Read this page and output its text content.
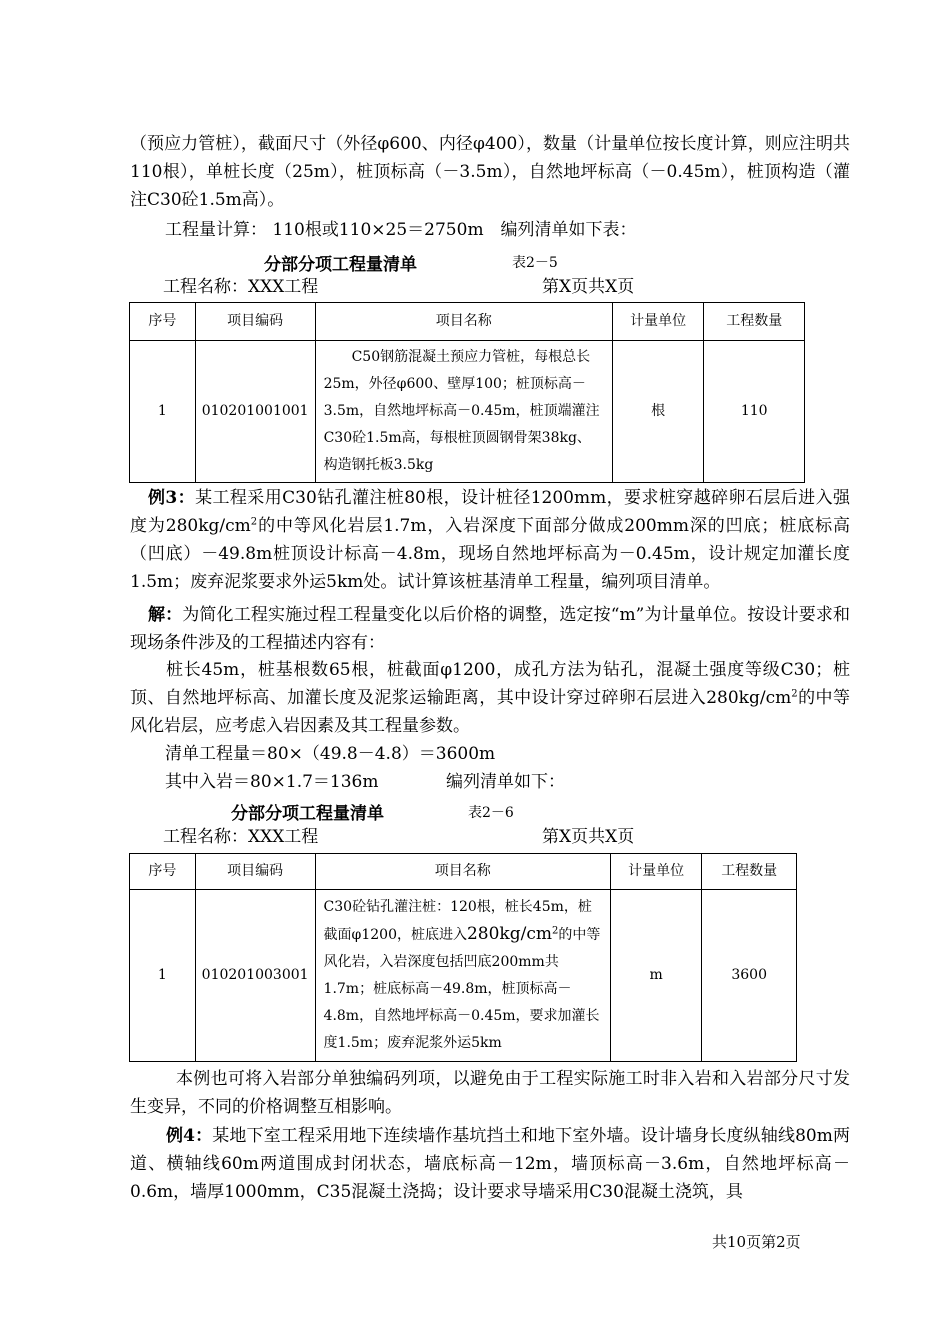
（预应力管桩），截面尺寸（外径φ600、内径φ400），数量（计量单位按长度计算，则应注明共110根），单桩长度（25m），桩顶标高（－3.5m），自然地坪标高（－0.45m），桩顶构造（灌注C30砼1.5m高）。

工程量计算： 110根或110×25＝2750m　编列清单如下表：
分部分项工程量清单	表2－5
工程名称：XXX工程	第X页共X页
序号	项目编码	项目名称	计量单位	工程数量
1	010201001001	C50钢筋混凝土预应力管桩，每根总长25m，外径φ600、壁厚100；桩顶标高－3.5m，自然地坪标高－0.45m，桩顶端灌注C30砼1.5m高，每根桩顶圆钢骨架38kg、构造钢托板3.5kg	根	110

例3：某工程采用C30钻孔灌注桩80根，设计桩径1200mm，要求桩穿越碎卵石层后进入强度为$280kg/cm^2$的中等风化岩层1.7m，入岩深度下面部分做成200mm深的凹底；桩底标高（凹底）－49.8m桩顶设计标高－4.8m，现场自然地坪标高为－0.45m，设计规定加灌长度1.5m；废弃泥浆要求外运5km处。试计算该桩基清单工程量，编列项目清单。

解：为简化工程实施过程工程量变化以后价格的调整，选定按“m”为计量单位。按设计要求和现场条件涉及的工程描述内容有：

桩长45m，桩基根数65根，桩截面φ1200，成孔方法为钻孔，混凝土强度等级C30；桩顶、自然地坪标高、加灌长度及泥浆运输距离，其中设计穿过碎卵石层进入$280kg/cm^2$的中等风化岩层，应考虑入岩因素及其工程量参数。

清单工程量＝80×（49.8－4.8）＝3600m
其中入岩＝80×1.7＝136m	编列清单如下：
分部分项工程量清单	表2－6
工程名称：XXX工程	第X页共X页
序号	项目编码	项目名称	计量单位	工程数量
1	010201003001	C30砼钻孔灌注桩：120根，桩长45m，桩截面φ1200，桩底进入$280kg/cm^2$的中等风化岩，入岩深度包括凹底200mm共1.7m；桩底标高－49.8m，桩顶标高－4.8m，自然地坪标高－0.45m，要求加灌长度1.5m；废弃泥浆外运5km	m	3600

本例也可将入岩部分单独编码列项，以避免由于工程实际施工时非入岩和入岩部分尺寸发生变异，不同的价格调整互相影响。

例4：某地下室工程采用地下连续墙作基坑挡土和地下室外墙。设计墙身长度纵轴线80m两道、横轴线60m两道围成封闭状态，墙底标高－12m，墙顶标高－3.6m，自然地坪标高－0.6m，墙厚1000mm，C35混凝土浇捣；设计要求导墙采用C30混凝土浇筑，具

共10页第2页
